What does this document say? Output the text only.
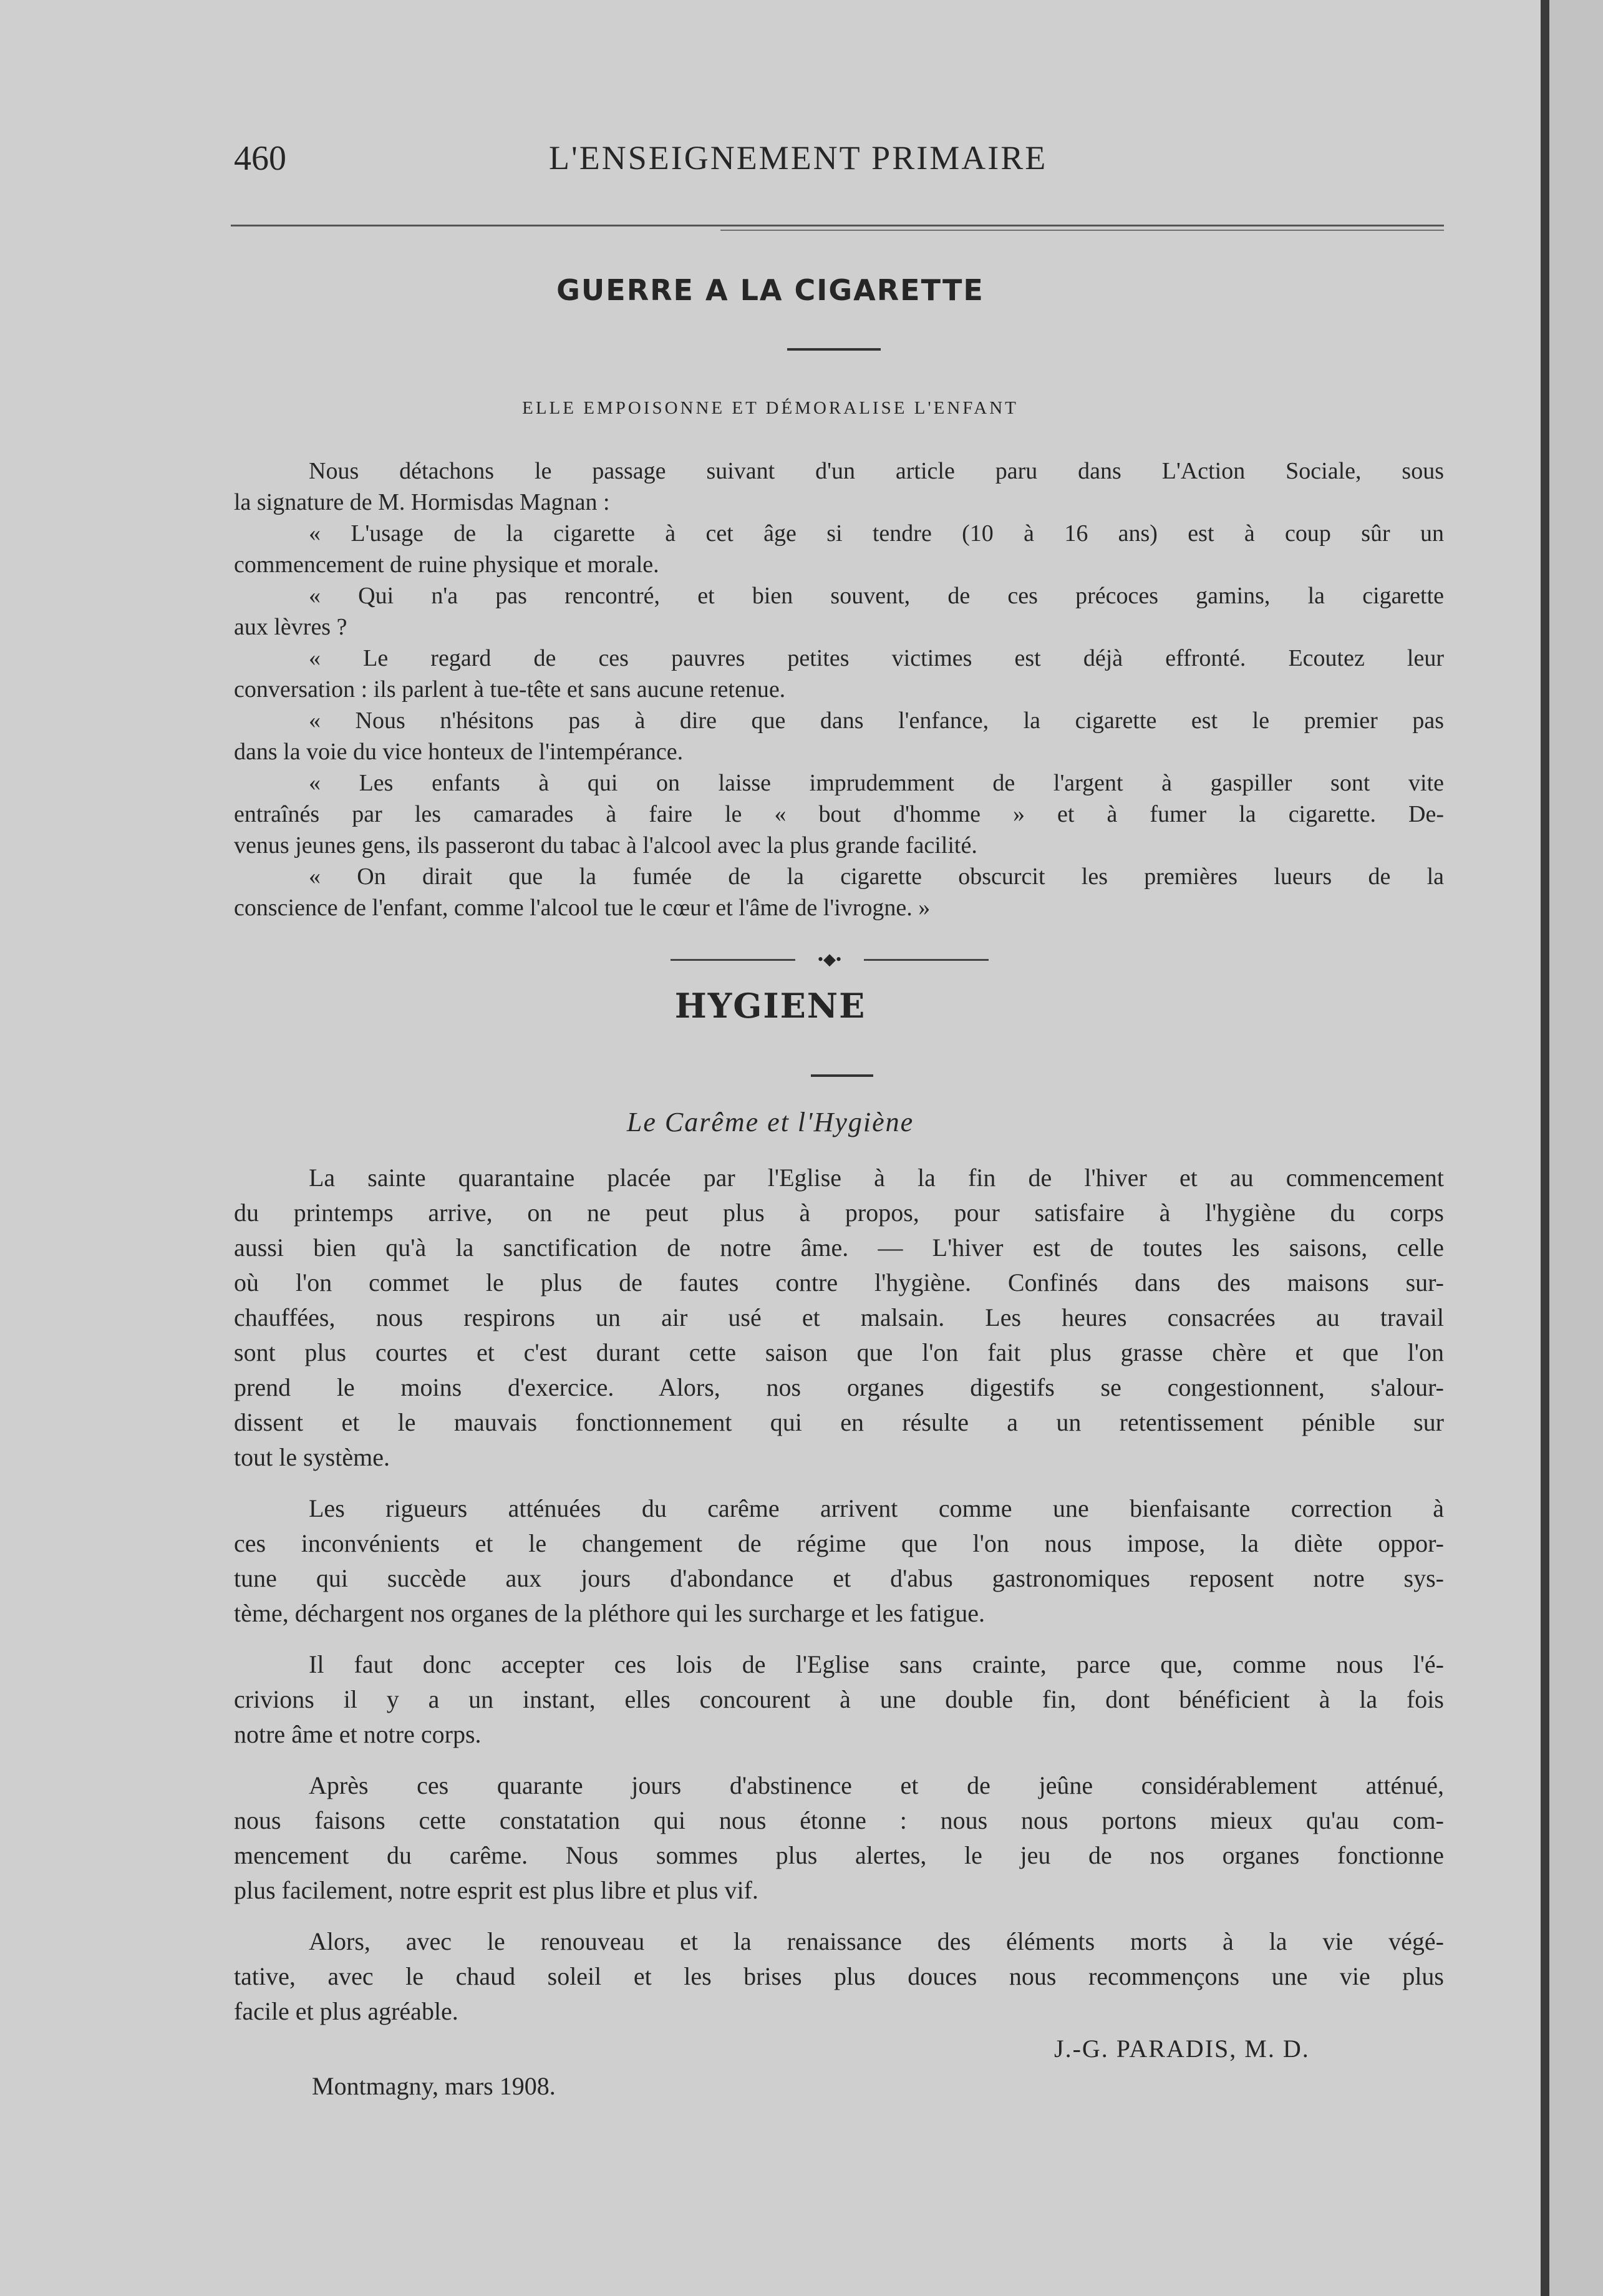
460	L'ENSEIGNEMENT PRIMAIRE
GUERRE A LA CIGARETTE
ELLE EMPOISONNE ET DÉMORALISE L'ENFANT
Nous détachons le passage suivant d'un article paru dans L'Action Sociale, sous
la signature de M. Hormisdas Magnan :
« L'usage de la cigarette à cet âge si tendre (10 à 16 ans) est à coup sûr un
commencement de ruine physique et morale.
« Qui n'a pas rencontré, et bien souvent, de ces précoces gamins, la cigarette
aux lèvres ?
« Le regard de ces pauvres petites victimes est déjà effronté. Ecoutez leur
conversation : ils parlent à tue-tête et sans aucune retenue.
« Nous n'hésitons pas à dire que dans l'enfance, la cigarette est le premier pas
dans la voie du vice honteux de l'intempérance.
« Les enfants à qui on laisse imprudemment de l'argent à gaspiller sont vite
entraînés par les camarades à faire le « bout d'homme » et à fumer la cigarette. De-
venus jeunes gens, ils passeront du tabac à l'alcool avec la plus grande facilité.
« On dirait que la fumée de la cigarette obscurcit les premières lueurs de la
conscience de l'enfant, comme l'alcool tue le cœur et l'âme de l'ivrogne. »
•◆•
HYGIENE
Le Carême et l'Hygiène
La sainte quarantaine placée par l'Eglise à la fin de l'hiver et au commencement
du printemps arrive, on ne peut plus à propos, pour satisfaire à l'hygiène du corps
aussi bien qu'à la sanctification de notre âme. — L'hiver est de toutes les saisons, celle
où l'on commet le plus de fautes contre l'hygiène. Confinés dans des maisons sur-
chauffées, nous respirons un air usé et malsain. Les heures consacrées au travail
sont plus courtes et c'est durant cette saison que l'on fait plus grasse chère et que l'on
prend le moins d'exercice. Alors, nos organes digestifs se congestionnent, s'alour-
dissent et le mauvais fonctionnement qui en résulte a un retentissement pénible sur
tout le système.
Les rigueurs atténuées du carême arrivent comme une bienfaisante correction à
ces inconvénients et le changement de régime que l'on nous impose, la diète oppor-
tune qui succède aux jours d'abondance et d'abus gastronomiques reposent notre sys-
tème, déchargent nos organes de la pléthore qui les surcharge et les fatigue.
Il faut donc accepter ces lois de l'Eglise sans crainte, parce que, comme nous l'é-
crivions il y a un instant, elles concourent à une double fin, dont bénéficient à la fois
notre âme et notre corps.
Après ces quarante jours d'abstinence et de jeûne considérablement atténué,
nous faisons cette constatation qui nous étonne : nous nous portons mieux qu'au com-
mencement du carême. Nous sommes plus alertes, le jeu de nos organes fonctionne
plus facilement, notre esprit est plus libre et plus vif.
Alors, avec le renouveau et la renaissance des éléments morts à la vie végé-
tative, avec le chaud soleil et les brises plus douces nous recommençons une vie plus
facile et plus agréable.
J.-G. PARADIS, M. D.
Montmagny, mars 1908.
